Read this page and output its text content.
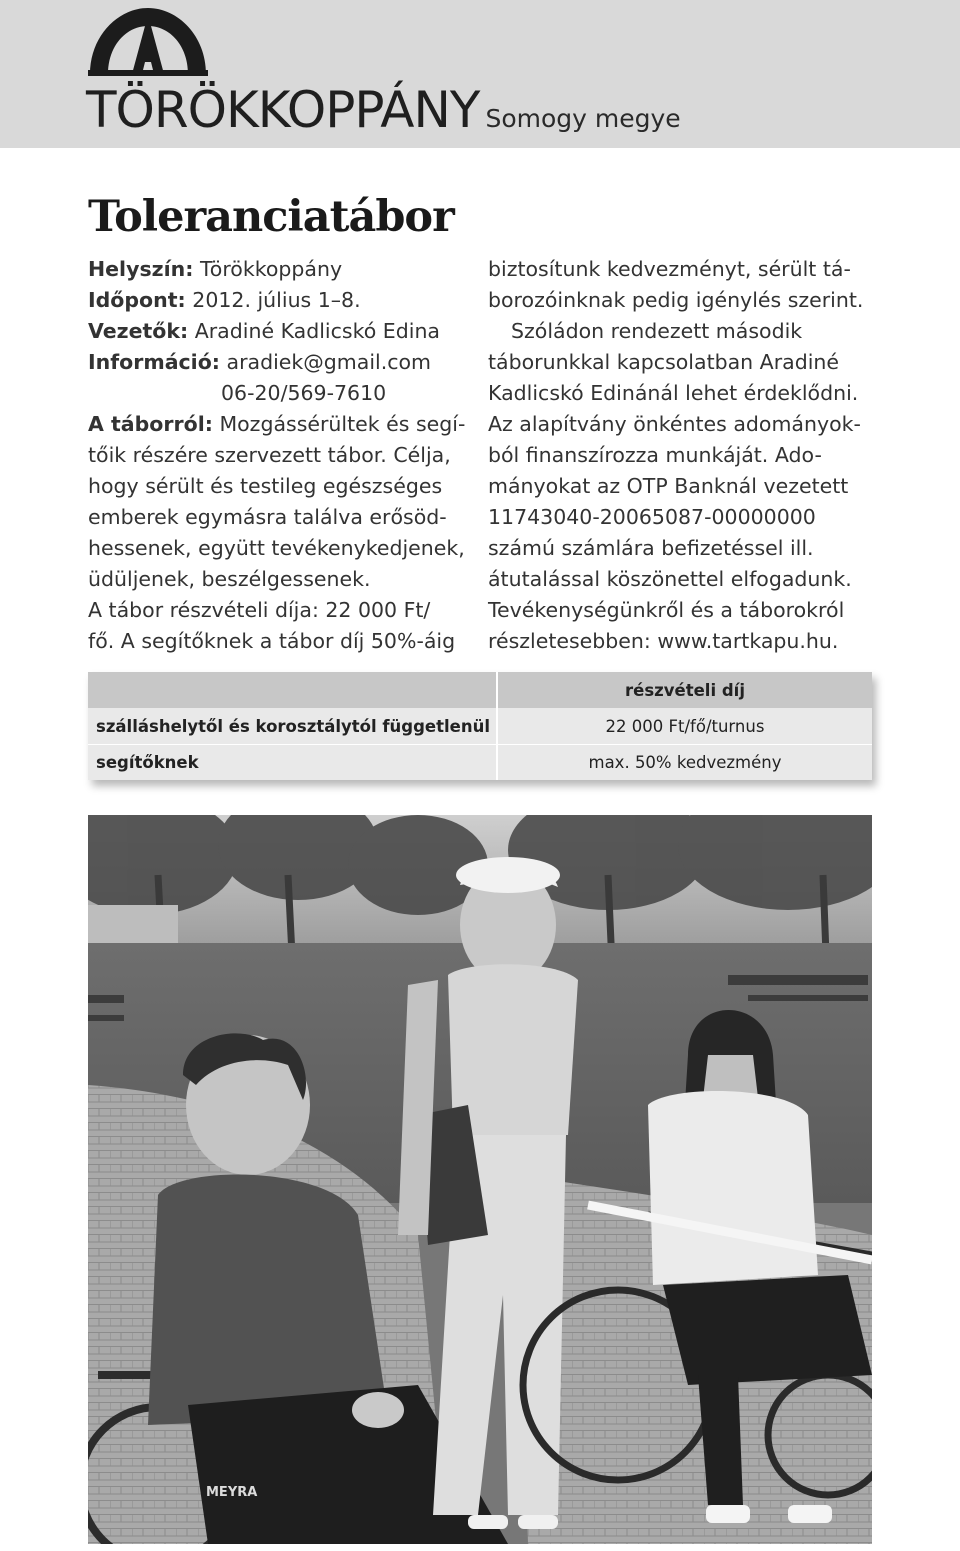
TÖRÖKKOPPÁNY Somogy megye
Toleranciatábor
Helyszín: Törökkoppány
Időpont: 2012. július 1–8.
Vezetők: Aradiné Kadlicskó Edina
Információ: aradiek@gmail.com
06-20/569-7610
A táborról: Mozgássérültek és segí-
tőik részére szervezett tábor. Célja,
hogy sérült és testileg egészséges
emberek egymásra találva erősöd-
hessenek, együtt tevékenykedjenek,
üdüljenek, beszélgessenek.
A tábor részvételi díja: 22 000 Ft/
fő. A segítőknek a tábor díj 50%-áig
biztosítunk kedvezményt, sérült tá-
borozóinknak pedig igénylés szerint.
Szóládon rendezett második
táborunkkal kapcsolatban Aradiné
Kadlicskó Edinánál lehet érdeklődni.
Az alapítvány önkéntes adományok-
ból finanszírozza munkáját. Ado-
mányokat az OTP Banknál vezetett
11743040-20065087-00000000
számú számlára befizetéssel ill.
átutalással köszönettel elfogadunk.
Tevékenységünkről és a táborokról
részletesebben: www.tartkapu.hu.
részvételi díj
szálláshelytől és korosztálytól függetlenül	22 000 Ft/fő/turnus
segítőknek	max. 50% kedvezmény
MEYRA
